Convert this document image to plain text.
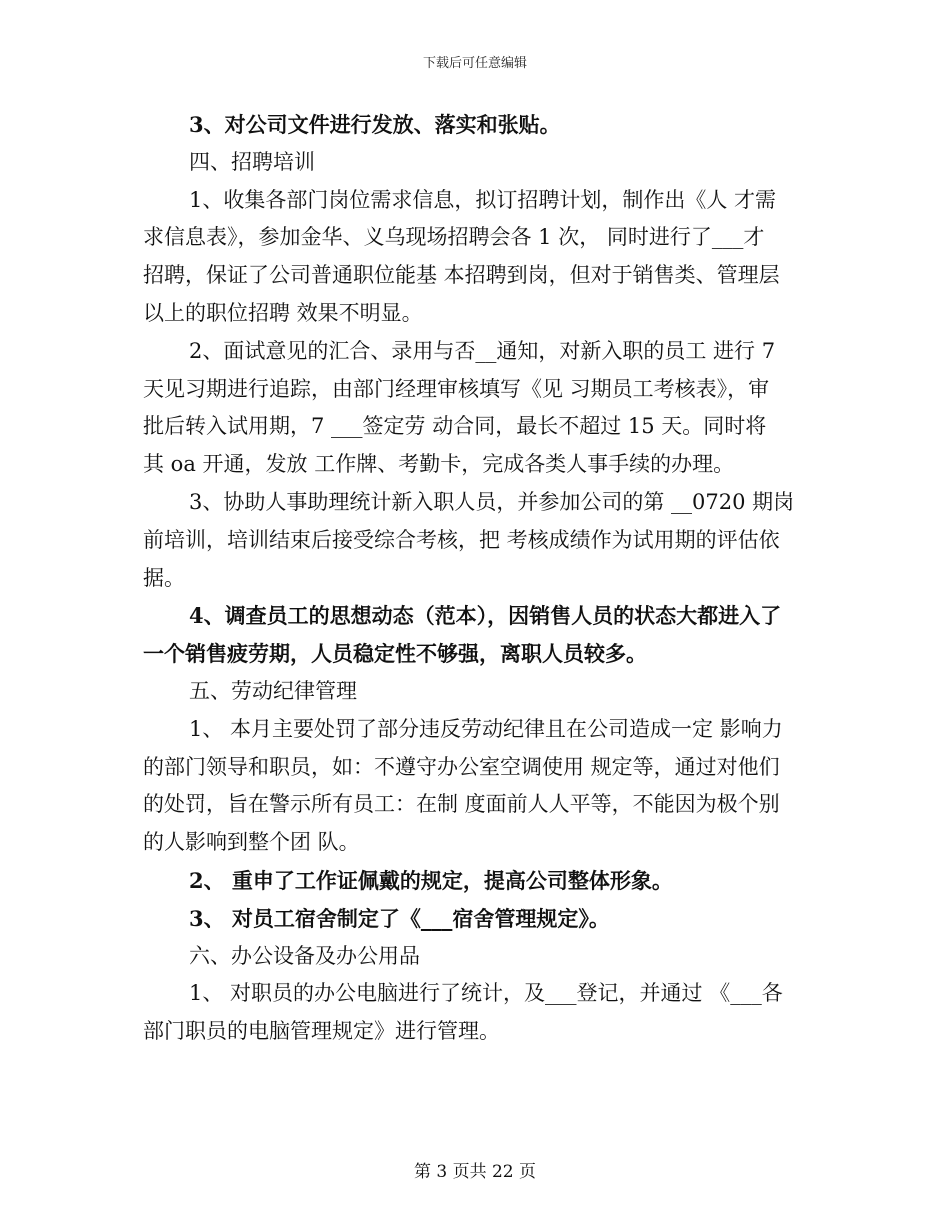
下载后可任意编辑
3、对公司文件进行发放、落实和张贴。
四、招聘培训
1、收集各部门岗位需求信息，拟订招聘计划，制作出《人 才需
求信息表》，参加金华、义乌现场招聘会各 1 次， 同时进行了___才
招聘，保证了公司普通职位能基 本招聘到岗，但对于销售类、管理层
以上的职位招聘 效果不明显。
2、面试意见的汇合、录用与否__通知，对新入职的员工 进行 7
天见习期进行追踪，由部门经理审核填写《见 习期员工考核表》，审
批后转入试用期，7 ___签定劳 动合同，最长不超过 15 天。同时将
其 oa 开通，发放 工作牌、考勤卡，完成各类人事手续的办理。
3、协助人事助理统计新入职人员，并参加公司的第 __0720 期岗
前培训，培训结束后接受综合考核，把 考核成绩作为试用期的评估依
据。
4、调查员工的思想动态（范本），因销售人员的状态大都进入了
一个销售疲劳期，人员稳定性不够强，离职人员较多。
五、劳动纪律管理
1、 本月主要处罚了部分违反劳动纪律且在公司造成一定 影响力
的部门领导和职员，如：不遵守办公室空调使用 规定等，通过对他们
的处罚，旨在警示所有员工：在制 度面前人人平等，不能因为极个别
的人影响到整个团 队。
2、 重申了工作证佩戴的规定，提高公司整体形象。
3、 对员工宿舍制定了《___宿舍管理规定》。
六、办公设备及办公用品
1、 对职员的办公电脑进行了统计，及___登记，并通过 《___各
部门职员的电脑管理规定》进行管理。
第 3 页共 22 页
